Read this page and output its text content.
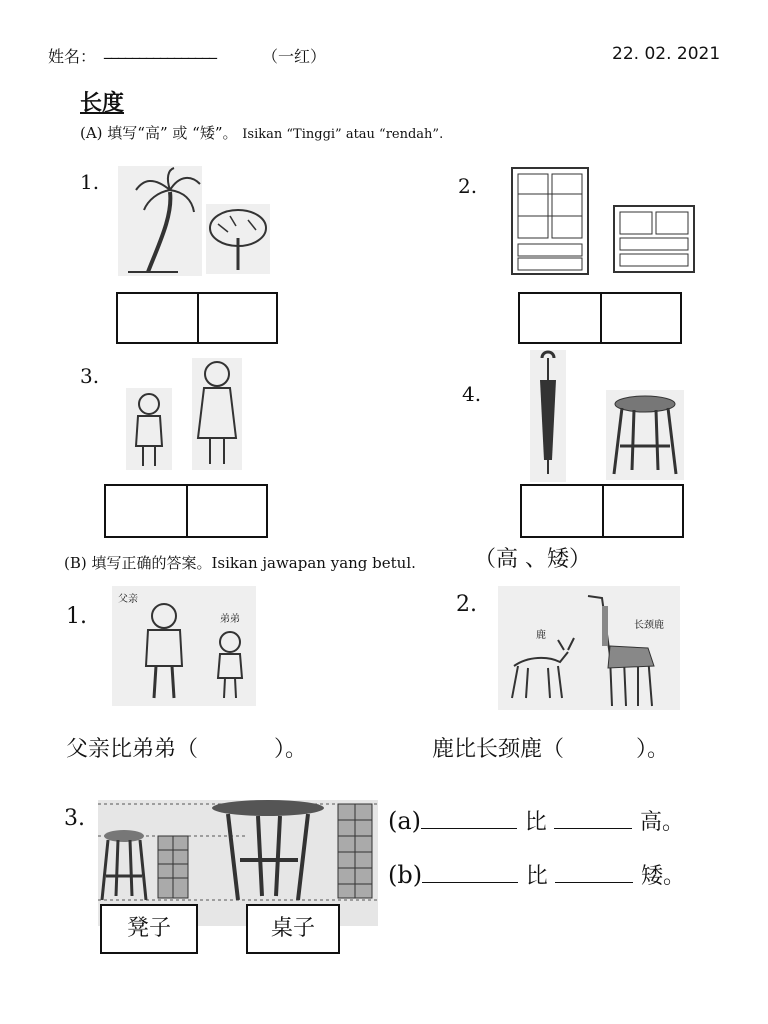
姓名： ________________	（一红）	22. 02. 2021
长度
(A) 填写“高” 或 “矮”。 Isikan “Tinggi” atau “rendah”.
1.	2.
3.
4.
(B) 填写正确的答案。Isikan jawapan yang betul.	（高 、矮）
1.
父亲
弟弟
父亲比弟弟（	）。
2.
鹿
长颈鹿
鹿比长颈鹿（	）。
3.
凳子	桌子
(a)	比	高。
(b)	比	矮。
